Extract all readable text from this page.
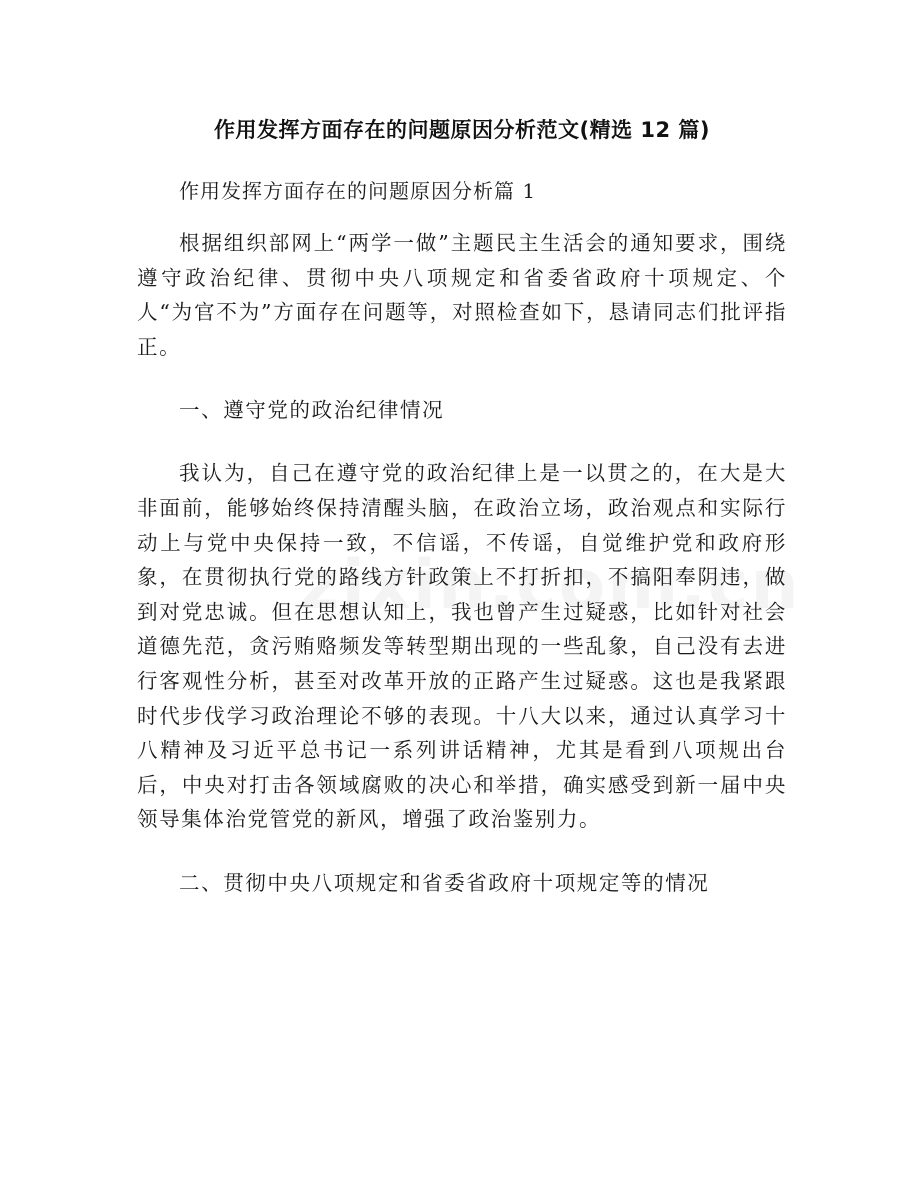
作用发挥方面存在的问题原因分析范文(精选 12 篇)

作用发挥方面存在的问题原因分析篇 1

根据组织部网上“两学一做”主题民主生活会的通知要求，围绕遵守政治纪律、贯彻中央八项规定和省委省政府十项规定、个人“为官不为”方面存在问题等，对照检查如下，恳请同志们批评指正。

一、遵守党的政治纪律情况

我认为，自己在遵守党的政治纪律上是一以贯之的，在大是大非面前，能够始终保持清醒头脑，在政治立场，政治观点和实际行动上与党中央保持一致，不信谣，不传谣，自觉维护党和政府形象，在贯彻执行党的路线方针政策上不打折扣，不搞阳奉阴违，做到对党忠诚。但在思想认知上，我也曾产生过疑惑，比如针对社会道德先范，贪污贿赂频发等转型期出现的一些乱象，自己没有去进行客观性分析，甚至对改革开放的正路产生过疑惑。这也是我紧跟时代步伐学习政治理论不够的表现。十八大以来，通过认真学习十八精神及习近平总书记一系列讲话精神，尤其是看到八项规出台后，中央对打击各领域腐败的决心和举措，确实感受到新一届中央领导集体治党管党的新风，增强了政治鉴别力。

二、贯彻中央八项规定和省委省政府十项规定等的情况
